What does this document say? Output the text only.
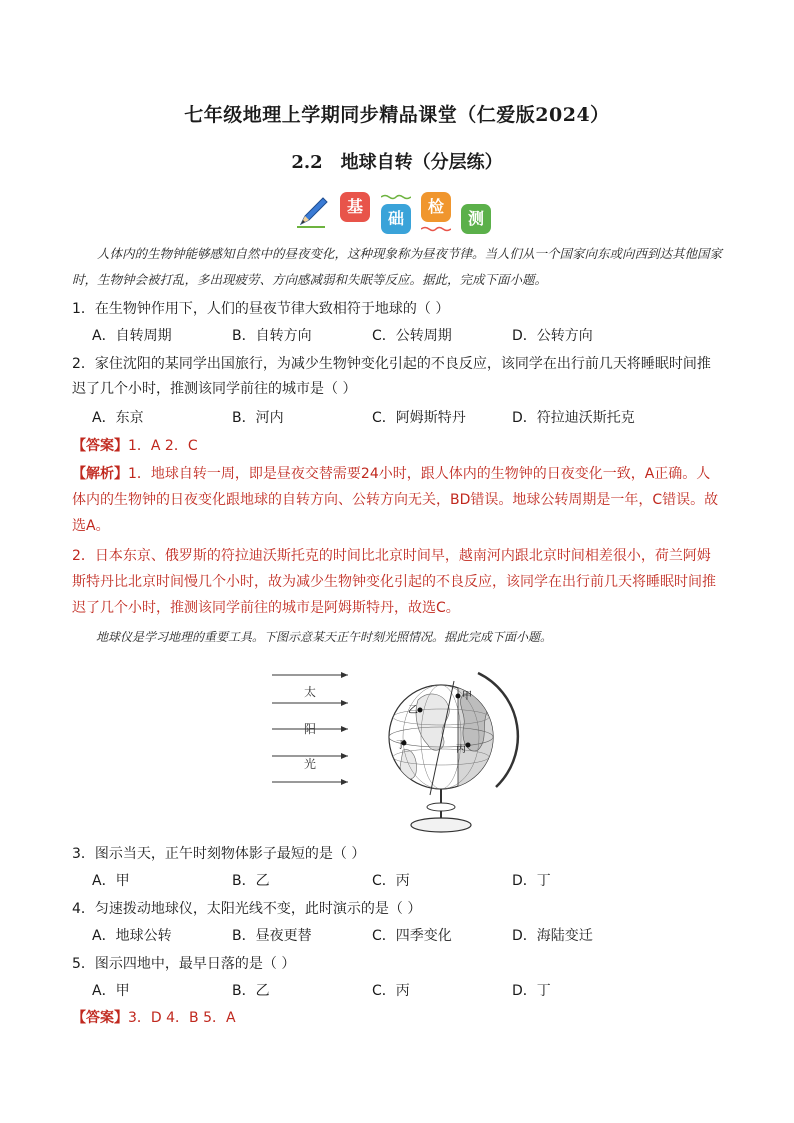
七年级地理上学期同步精品课堂（仁爱版2024）
2.2 地球自转（分层练）
基
础
检
测
人体内的生物钟能够感知自然中的昼夜变化，这种现象称为昼夜节律。当人们从一个国家向东或向西到达其他国家时，生物钟会被打乱，多出现疲劳、方向感减弱和失眠等反应。据此，完成下面小题。
1．在生物钟作用下，人们的昼夜节律大致相符于地球的（ ）
A．自转周期	B．自转方向	C．公转周期	D．公转方向
2．家住沈阳的某同学出国旅行，为减少生物钟变化引起的不良反应，该同学在出行前几天将睡眠时间推迟了几个小时，推测该同学前往的城市是（ ）
A．东京	B．河内	C．阿姆斯特丹	D．符拉迪沃斯托克
【答案】1．A 2．C
【解析】1．地球自转一周，即是昼夜交替需要24小时，跟人体内的生物钟的日夜变化一致，A正确。人体内的生物钟的日夜变化跟地球的自转方向、公转方向无关，BD错误。地球公转周期是一年，C错误。故选A。
2．日本东京、俄罗斯的符拉迪沃斯托克的时间比北京时间早，越南河内跟北京时间相差很小，荷兰阿姆斯特丹比北京时间慢几个小时，故为减少生物钟变化引起的不良反应，该同学在出行前几天将睡眠时间推迟了几个小时，推测该同学前往的城市是阿姆斯特丹，故选C。
地球仪是学习地理的重要工具。下图示意某天正午时刻光照情况。据此完成下面小题。
太
阳
光
甲
乙
丙
丁
3．图示当天，正午时刻物体影子最短的是（ ）
A．甲	B．乙	C．丙	D．丁
4．匀速拨动地球仪，太阳光线不变，此时演示的是（ ）
A．地球公转	B．昼夜更替	C．四季变化	D．海陆变迁
5．图示四地中，最早日落的是（ ）
A．甲	B．乙	C．丙	D．丁
【答案】3．D 4．B 5．A
